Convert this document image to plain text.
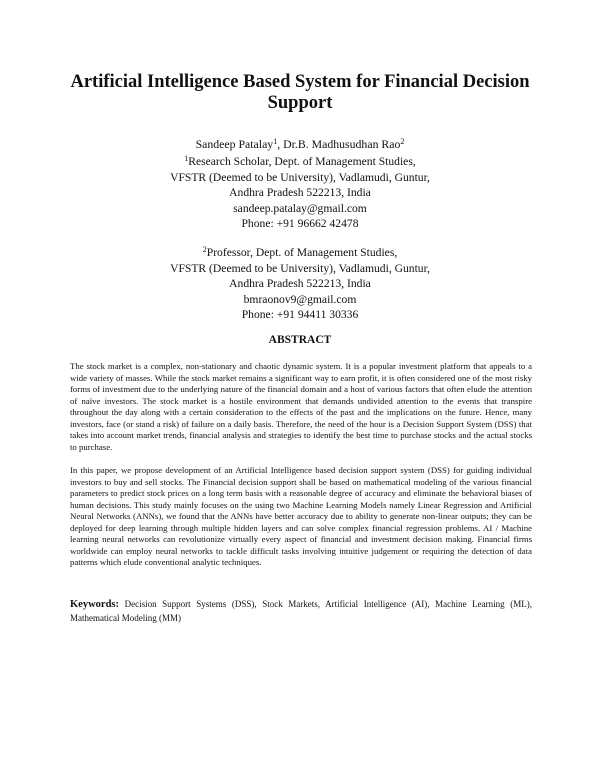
Artificial Intelligence Based System for Financial Decision Support
Sandeep Patalay$^1$, Dr.B. Madhusudhan Rao$^2$
$^1$Research Scholar, Dept. of Management Studies,
VFSTR (Deemed to be University), Vadlamudi, Guntur,
Andhra Pradesh 522213, India
sandeep.patalay@gmail.com
Phone: +91 96662 42478
$^2$Professor, Dept. of Management Studies,
VFSTR (Deemed to be University), Vadlamudi, Guntur,
Andhra Pradesh 522213, India
bmraonov9@gmail.com
Phone: +91 94411 30336
ABSTRACT

The stock market is a complex, non-stationary and chaotic dynamic system. It is a popular investment platform that appeals to a wide variety of masses. While the stock market remains a significant way to earn profit, it is often considered one of the most risky forms of investment due to the underlying nature of the financial domain and a host of various factors that often elude the attention of naïve investors. The stock market is a hostile environment that demands undivided attention to the events that transpire throughout the day along with a certain consideration to the effects of the past and the implications on the future. Hence, many investors, face (or stand a risk) of failure on a daily basis. Therefore, the need of the hour is a Decision Support System (DSS) that takes into account market trends, financial analysis and strategies to identify the best time to purchase stocks and the actual stocks to purchase.

In this paper, we propose development of an Artificial Intelligence based decision support system (DSS) for guiding individual investors to buy and sell stocks. The Financial decision support shall be based on mathematical modeling of the various financial parameters to predict stock prices on a long term basis with a reasonable degree of accuracy and eliminate the behavioral biases of human decisions. This study mainly focuses on the using two Machine Learning Models namely Linear Regression and Artificial Neural Networks (ANNs), we found that the ANNs have better accuracy due to ability to generate non-linear outputs; they can be deployed for deep learning through multiple hidden layers and can solve complex financial regression problems. AI / Machine learning neural networks can revolutionize virtually every aspect of financial and investment decision making. Financial firms worldwide can employ neural networks to tackle difficult tasks involving intuitive judgement or requiring the detection of data patterns which elude conventional analytic techniques.

Keywords: Decision Support Systems (DSS), Stock Markets, Artificial Intelligence (AI), Machine Learning (ML), Mathematical Modeling (MM)
